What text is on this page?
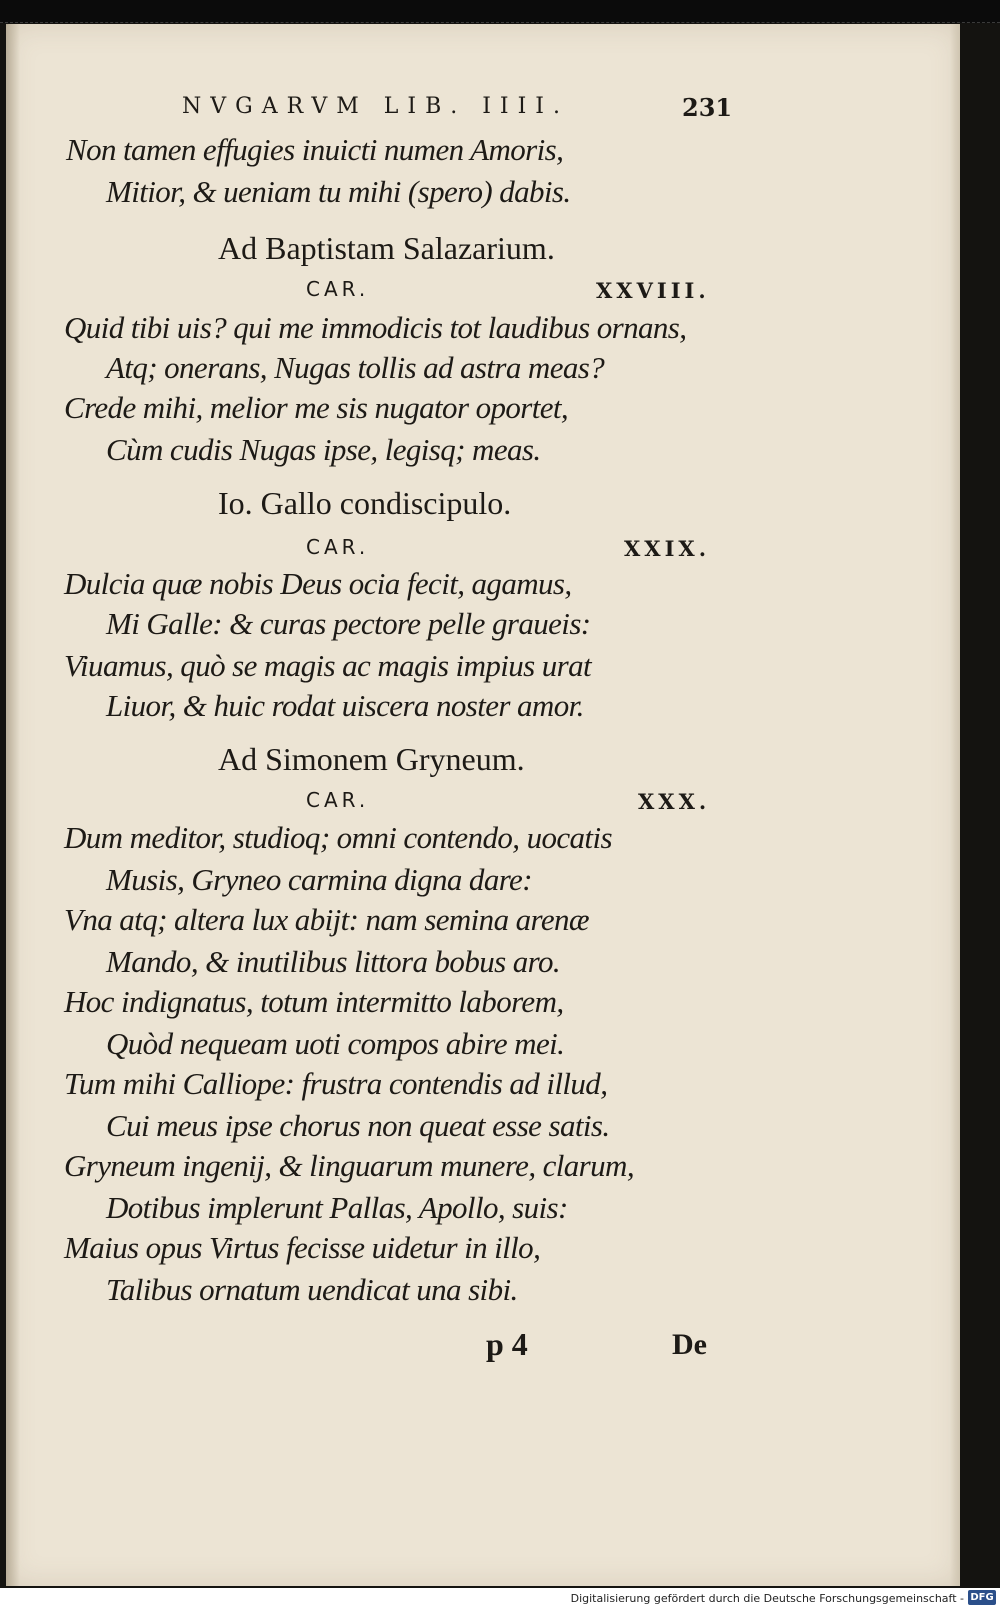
NVGARVM LIB. IIII.	231
Non tamen effugies inuicti numen Amoris,
Mitior, & ueniam tu mihi (spero) dabis.
Ad Baptistam Salazarium.
CAR.	XXVIII.
Quid tibi uis? qui me immodicis tot laudibus ornans,
Atq; onerans, Nugas tollis ad astra meas?
Crede mihi, melior me sis nugator oportet,
Cùm cudis Nugas ipse, legisq; meas.
Io. Gallo condiscipulo.
CAR.	XXIX.
Dulcia quæ nobis Deus ocia fecit, agamus,
Mi Galle: & curas pectore pelle graueis:
Viuamus, quò se magis ac magis impius urat
Liuor, & huic rodat uiscera noster amor.
Ad Simonem Gryneum.
CAR.	XXX.
Dum meditor, studioq; omni contendo, uocatis
Musis, Gryneo carmina digna dare:
Vna atq; altera lux abijt: nam semina arenæ
Mando, & inutilibus littora bobus aro.
Hoc indignatus, totum intermitto laborem,
Quòd nequeam uoti compos abire mei.
Tum mihi Calliope: frustra contendis ad illud,
Cui meus ipse chorus non queat esse satis.
Gryneum ingenij, & linguarum munere, clarum,
Dotibus implerunt Pallas, Apollo, suis:
Maius opus Virtus fecisse uidetur in illo,
Talibus ornatum uendicat una sibi.
p 4	De
Digitalisierung gefördert durch die Deutsche Forschungsgemeinschaft - DFG
